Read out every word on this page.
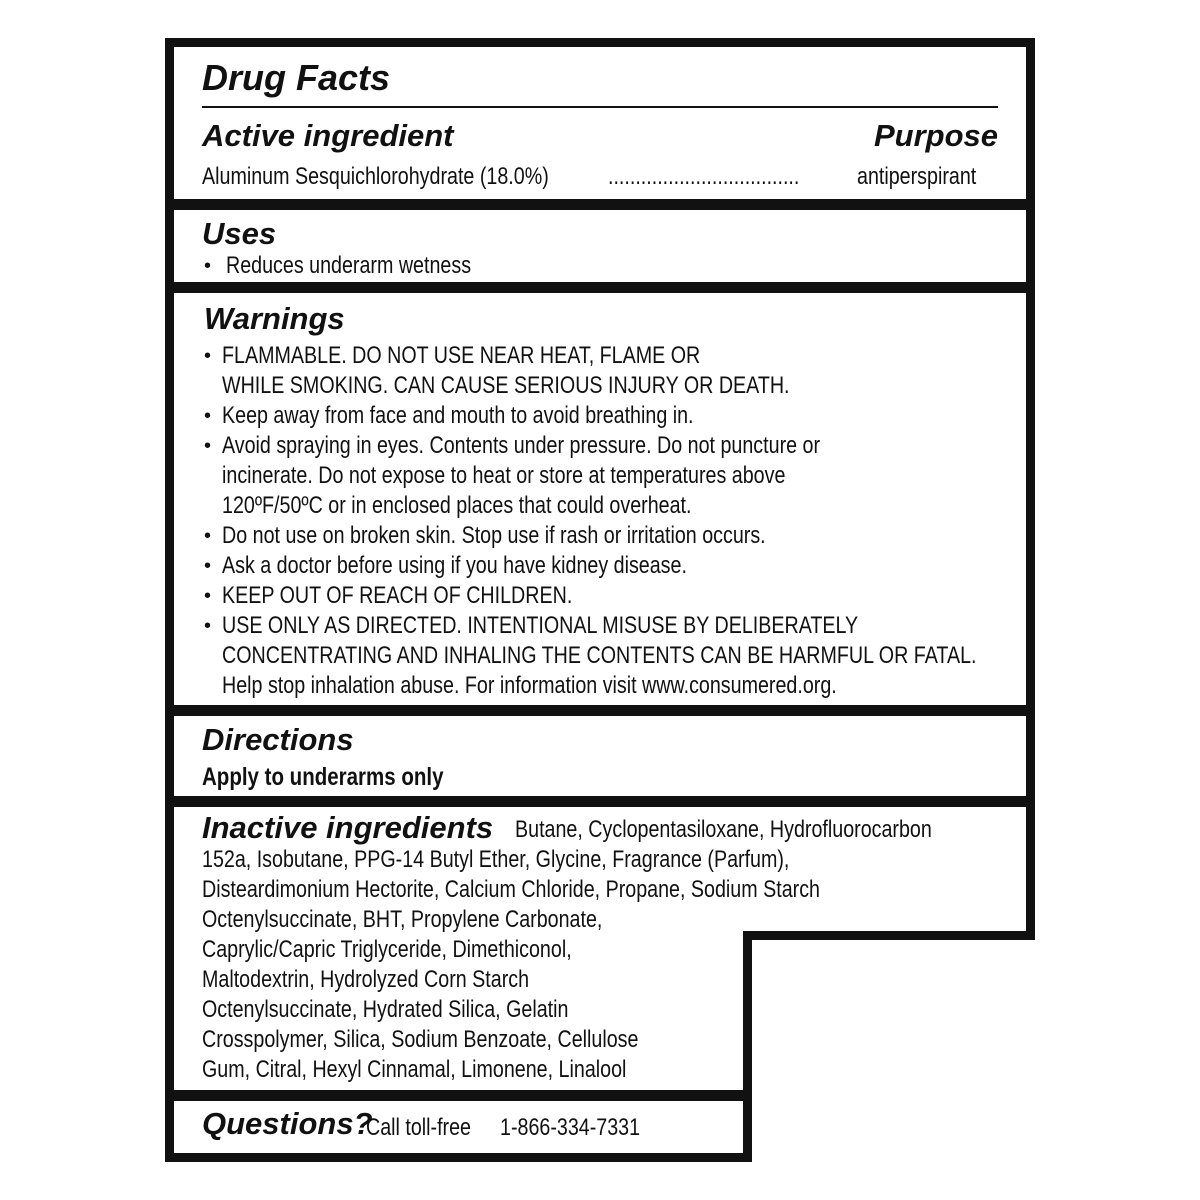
Drug Facts
Active ingredient	Purpose
Aluminum Sesquichlorohydrate (18.0%) ................................... antiperspirant
Uses
• Reduces underarm wetness
Warnings
• FLAMMABLE. DO NOT USE NEAR HEAT, FLAME OR
WHILE SMOKING. CAN CAUSE SERIOUS INJURY OR DEATH.
• Keep away from face and mouth to avoid breathing in.
• Avoid spraying in eyes. Contents under pressure. Do not puncture or
incinerate. Do not expose to heat or store at temperatures above
120ºF/50ºC or in enclosed places that could overheat.
• Do not use on broken skin. Stop use if rash or irritation occurs.
• Ask a doctor before using if you have kidney disease.
• KEEP OUT OF REACH OF CHILDREN.
• USE ONLY AS DIRECTED. INTENTIONAL MISUSE BY DELIBERATELY
CONCENTRATING AND INHALING THE CONTENTS CAN BE HARMFUL OR FATAL.
Help stop inhalation abuse. For information visit www.consumered.org.
Directions
Apply to underarms only
Inactive ingredients Butane, Cyclopentasiloxane, Hydrofluorocarbon
152a, Isobutane, PPG-14 Butyl Ether, Glycine, Fragrance (Parfum),
Disteardimonium Hectorite, Calcium Chloride, Propane, Sodium Starch
Octenylsuccinate, BHT, Propylene Carbonate,
Caprylic/Capric Triglyceride, Dimethiconol,
Maltodextrin, Hydrolyzed Corn Starch
Octenylsuccinate, Hydrated Silica, Gelatin
Crosspolymer, Silica, Sodium Benzoate, Cellulose
Gum, Citral, Hexyl Cinnamal, Limonene, Linalool
Questions?
Call toll-free 1-866-334-7331
